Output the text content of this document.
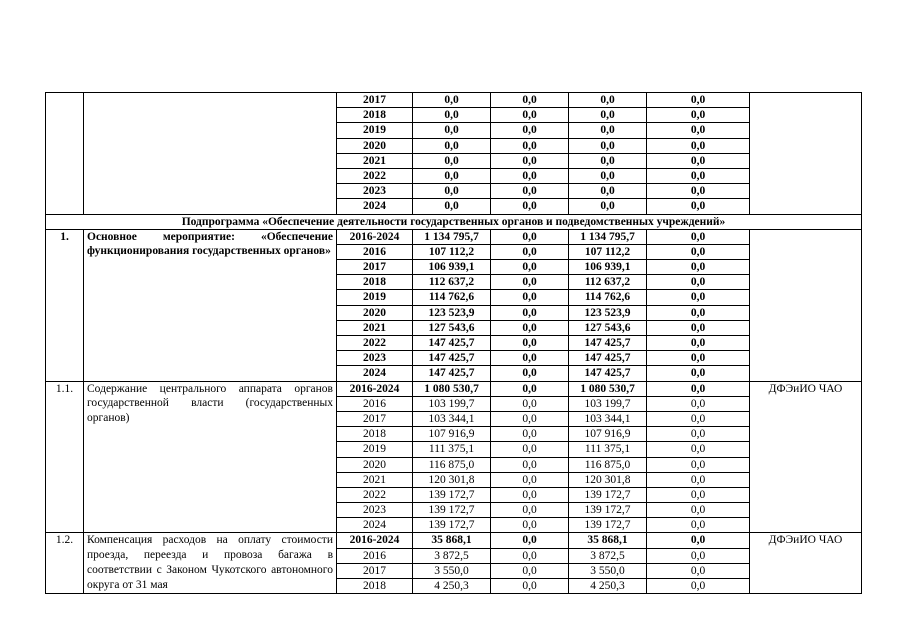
		2017	0,0	0,0	0,0	0,0	
		2018	0,0	0,0	0,0	0,0	
		2019	0,0	0,0	0,0	0,0	
		2020	0,0	0,0	0,0	0,0	
		2021	0,0	0,0	0,0	0,0	
		2022	0,0	0,0	0,0	0,0	
		2023	0,0	0,0	0,0	0,0	
		2024	0,0	0,0	0,0	0,0	
Подпрограмма «Обеспечение деятельности государственных органов и подведомственных учреждений»							
1.	Основное мероприятие: «Обеспечение функционирования государственных органов»	2016-2024	1 134 795,7	0,0	1 134 795,7	0,0	
		2016	107 112,2	0,0	107 112,2	0,0	
		2017	106 939,1	0,0	106 939,1	0,0	
		2018	112 637,2	0,0	112 637,2	0,0	
		2019	114 762,6	0,0	114 762,6	0,0	
		2020	123 523,9	0,0	123 523,9	0,0	
		2021	127 543,6	0,0	127 543,6	0,0	
		2022	147 425,7	0,0	147 425,7	0,0	
		2023	147 425,7	0,0	147 425,7	0,0	
		2024	147 425,7	0,0	147 425,7	0,0	
1.1.	Содержание центрального аппарата органов государственной власти (государственных органов)	2016-2024	1 080 530,7	0,0	1 080 530,7	0,0	ДФЭиИО ЧАО
		2016	103 199,7	0,0	103 199,7	0,0	
		2017	103 344,1	0,0	103 344,1	0,0	
		2018	107 916,9	0,0	107 916,9	0,0	
		2019	111 375,1	0,0	111 375,1	0,0	
		2020	116 875,0	0,0	116 875,0	0,0	
		2021	120 301,8	0,0	120 301,8	0,0	
		2022	139 172,7	0,0	139 172,7	0,0	
		2023	139 172,7	0,0	139 172,7	0,0	
		2024	139 172,7	0,0	139 172,7	0,0	
1.2.	Компенсация расходов на оплату стоимости проезда, переезда и провоза багажа в соответствии с Законом Чукотского автономного округа от 31 мая	2016-2024	35 868,1	0,0	35 868,1	0,0	ДФЭиИО ЧАО
		2016	3 872,5	0,0	3 872,5	0,0	
		2017	3 550,0	0,0	3 550,0	0,0	
		2018	4 250,3	0,0	4 250,3	0,0	
